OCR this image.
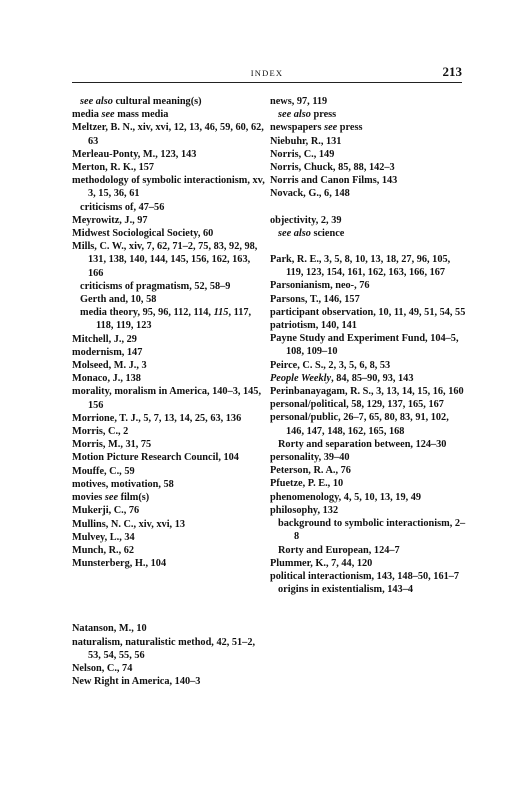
INDEX	213
see also cultural meaning(s)
media see mass media
Meltzer, B. N., xiv, xvi, 12, 13, 46, 59, 60, 62, 63
Merleau-Ponty, M., 123, 143
Merton, R. K., 157
methodology of symbolic interactionism, xv, 3, 15, 36, 61
criticisms of, 47–56
Meyrowitz, J., 97
Midwest Sociological Society, 60
Mills, C. W., xiv, 7, 62, 71–2, 75, 83, 92, 98, 131, 138, 140, 144, 145, 156, 162, 163, 166
criticisms of pragmatism, 52, 58–9
Gerth and, 10, 58
media theory, 95, 96, 112, 114, 115, 117, 118, 119, 123
Mitchell, J., 29
modernism, 147
Molseed, M. J., 3
Monaco, J., 138
morality, moralism in America, 140–3, 145, 156
Morrione, T. J., 5, 7, 13, 14, 25, 63, 136
Morris, C., 2
Morris, M., 31, 75
Motion Picture Research Council, 104
Mouffe, C., 59
motives, motivation, 58
movies see film(s)
Mukerji, C., 76
Mullins, N. C., xiv, xvi, 13
Mulvey, L., 34
Munch, R., 62
Munsterberg, H., 104
Natanson, M., 10
naturalism, naturalistic method, 42, 51–2, 53, 54, 55, 56
Nelson, C., 74
New Right in America, 140–3
news, 97, 119
see also press
newspapers see press
Niebuhr, R., 131
Norris, C., 149
Norris, Chuck, 85, 88, 142–3
Norris and Canon Films, 143
Novack, G., 6, 148
objectivity, 2, 39
see also science
Park, R. E., 3, 5, 8, 10, 13, 18, 27, 96, 105, 119, 123, 154, 161, 162, 163, 166, 167
Parsonianism, neo-, 76
Parsons, T., 146, 157
participant observation, 10, 11, 49, 51, 54, 55
patriotism, 140, 141
Payne Study and Experiment Fund, 104–5, 108, 109–10
Peirce, C. S., 2, 3, 5, 6, 8, 53
People Weekly, 84, 85–90, 93, 143
Perinbanayagam, R. S., 3, 13, 14, 15, 16, 160
personal/political, 58, 129, 137, 165, 167
personal/public, 26–7, 65, 80, 83, 91, 102, 146, 147, 148, 162, 165, 168
Rorty and separation between, 124–30
personality, 39–40
Peterson, R. A., 76
Pfuetze, P. E., 10
phenomenology, 4, 5, 10, 13, 19, 49
philosophy, 132
background to symbolic interactionism, 2–8
Rorty and European, 124–7
Plummer, K., 7, 44, 120
political interactionism, 143, 148–50, 161–7
origins in existentialism, 143–4
